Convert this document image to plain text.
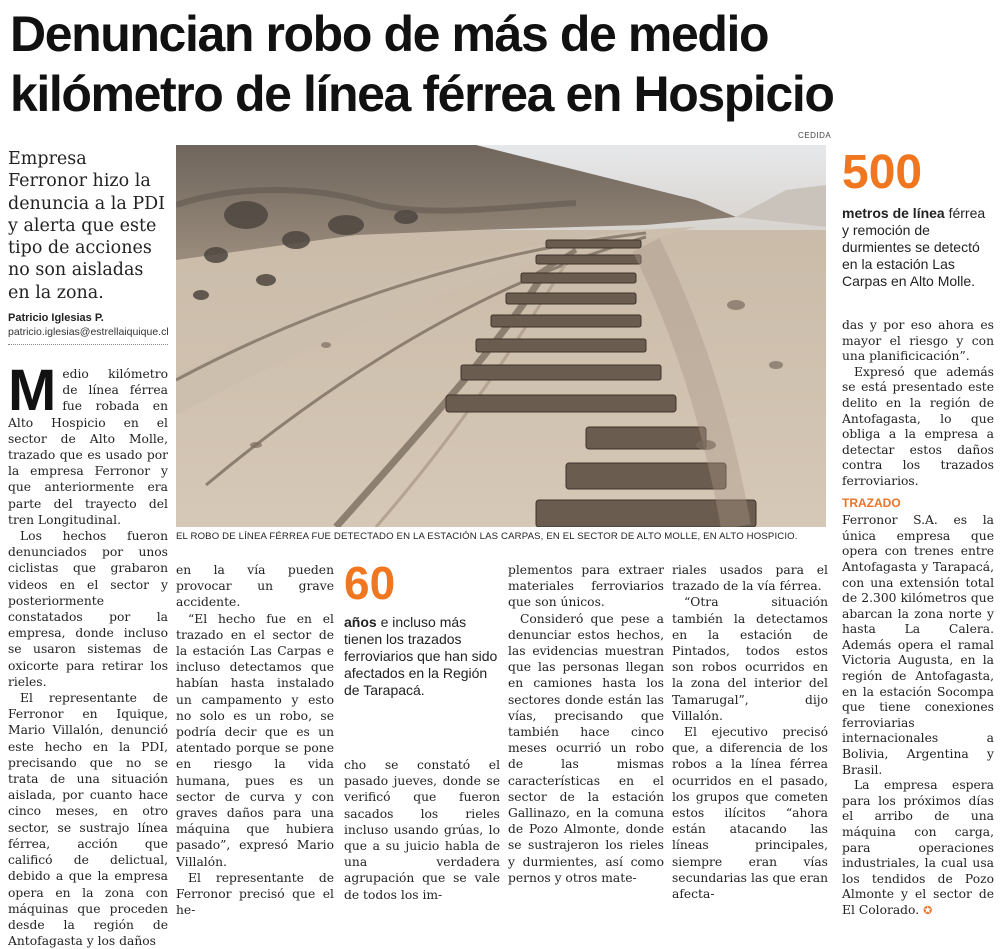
Denuncian robo de más de medio kilómetro de línea férrea en Hospicio
CEDIDA

Empresa Ferronor hizo la denuncia a la PDI y alerta que este tipo de acciones no son aisladas en la zona.

Patricio Iglesias P.
patricio.iglesias@estrellaiquique.cl
EL ROBO DE LÍNEA FÉRREA FUE DETECTADO EN LA ESTACIÓN LAS CARPAS, EN EL SECTOR DE ALTO MOLLE, EN ALTO HOSPICIO.
500
metros de línea férrea y remoción de durmientes se detectó en la estación Las Carpas en Alto Molle.

Medio kilómetro de línea férrea fue robada en Alto Hospicio en el sector de Alto Molle, trazado que es usado por la empresa Ferronor y que anteriormente era parte del trayecto del tren Longitudinal.

Los hechos fueron denunciados por unos ciclistas que grabaron videos en el sector y posteriormente constatados por la empresa, donde incluso se usaron sistemas de oxicorte para retirar los rieles.

El representante de Ferronor en Iquique, Mario Villalón, denunció este hecho en la PDI, precisando que no se trata de una situación aislada, por cuanto hace cinco meses, en otro sector, se sustrajo línea férrea, acción que calificó de delictual, debido a que la empresa opera en la zona con máquinas que proceden desde la región de Antofagasta y los daños

en la vía pueden provocar un grave accidente.

“El hecho fue en el trazado en el sector de la estación Las Carpas e incluso detectamos que habían hasta instalado un campamento y esto no solo es un robo, se podría decir que es un atentado porque se pone en riesgo la vida humana, pues es un sector de curva y con graves daños para una máquina que hubiera pasado”, expresó Mario Villalón.

El representante de Ferronor precisó que el he-

60
años e incluso más tienen los trazados ferroviarios que han sido afectados en la Región de Tarapacá.

cho se constató el pasado jueves, donde se verificó que fueron sacados los rieles incluso usando grúas, lo que a su juicio habla de una verdadera agrupación que se vale de todos los im-

plementos para extraer materiales ferroviarios que son únicos.

Consideró que pese a denunciar estos hechos, las evidencias muestran que las personas llegan en camiones hasta los sectores donde están las vías, precisando que también hace cinco meses ocurrió un robo de las mismas características en el sector de la estación Gallinazo, en la comuna de Pozo Almonte, donde se sustrajeron los rieles y durmientes, así como pernos y otros mate-

riales usados para el trazado de la vía férrea.

“Otra situación también la detectamos en la estación de Pintados, todos estos son robos ocurridos en la zona del interior del Tamarugal”, dijo Villalón.

El ejecutivo precisó que, a diferencia de los robos a la línea férrea ocurridos en el pasado, los grupos que cometen estos ilícitos “ahora están atacando las líneas principales, siempre eran vías secundarias las que eran afecta-

das y por eso ahora es mayor el riesgo y con una planificicación”.

Expresó que además se está presentado este delito en la región de Antofagasta, lo que obliga a la empresa a detectar estos daños contra los trazados ferroviarios.

TRAZADO

Ferronor S.A. es la única empresa que opera con trenes entre Antofagasta y Tarapacá, con una extensión total de 2.300 kilómetros que abarcan la zona norte y hasta La Calera. Además opera el ramal Victoria Augusta, en la región de Antofagasta, en la estación Socompa que tiene conexiones ferroviarias internacionales a Bolivia, Argentina y Brasil.

La empresa espera para los próximos días el arribo de una máquina con carga, para operaciones industriales, la cual usa los tendidos de Pozo Almonte y el sector de El Colorado. ✪
